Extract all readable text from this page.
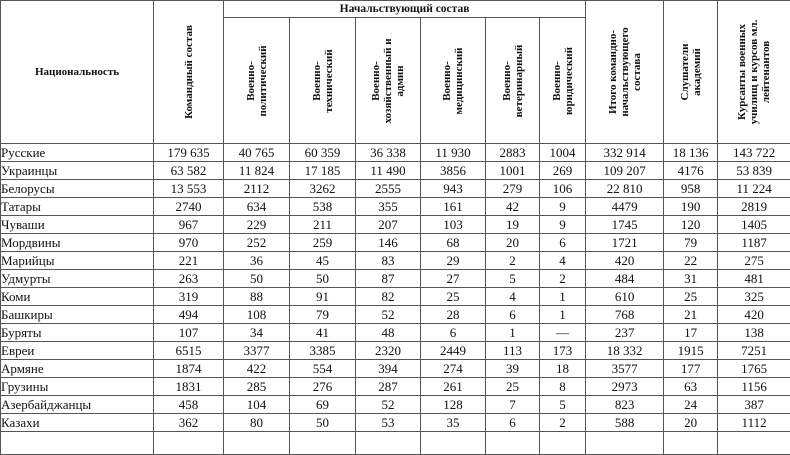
Национальность	Командный состав	Начальствующий состав						Итого командно-
начальствующего
состава	Слушатели
академий	Курсанты военных
училищ и курсов мл.
лейтенантов

		Военно-
политический	Военно-
технический	Военно-
хозяйственный и
админ	Военно-
медицинский	Военно-
ветеринарный	Военно-
юридический			

Русские	179 635	40 765	60 359	36 338	11 930	2883	1004	332 914	18 136	143 722
Украинцы	63 582	11 824	17 185	11 490	3856	1001	269	109 207	4176	53 839
Белорусы	13 553	2112	3262	2555	943	279	106	22 810	958	11 224
Татары	2740	634	538	355	161	42	9	4479	190	2819
Чуваши	967	229	211	207	103	19	9	1745	120	1405
Мордвины	970	252	259	146	68	20	6	1721	79	1187
Марийцы	221	36	45	83	29	2	4	420	22	275
Удмурты	263	50	50	87	27	5	2	484	31	481
Коми	319	88	91	82	25	4	1	610	25	325
Башкиры	494	108	79	52	28	6	1	768	21	420
Буряты	107	34	41	48	6	1	—	237	17	138
Евреи	6515	3377	3385	2320	2449	113	173	18 332	1915	7251
Армяне	1874	422	554	394	274	39	18	3577	177	1765
Грузины	1831	285	276	287	261	25	8	2973	63	1156
Азербайджанцы	458	104	69	52	128	7	5	823	24	387
Казахи	362	80	50	53	35	6	2	588	20	1112
